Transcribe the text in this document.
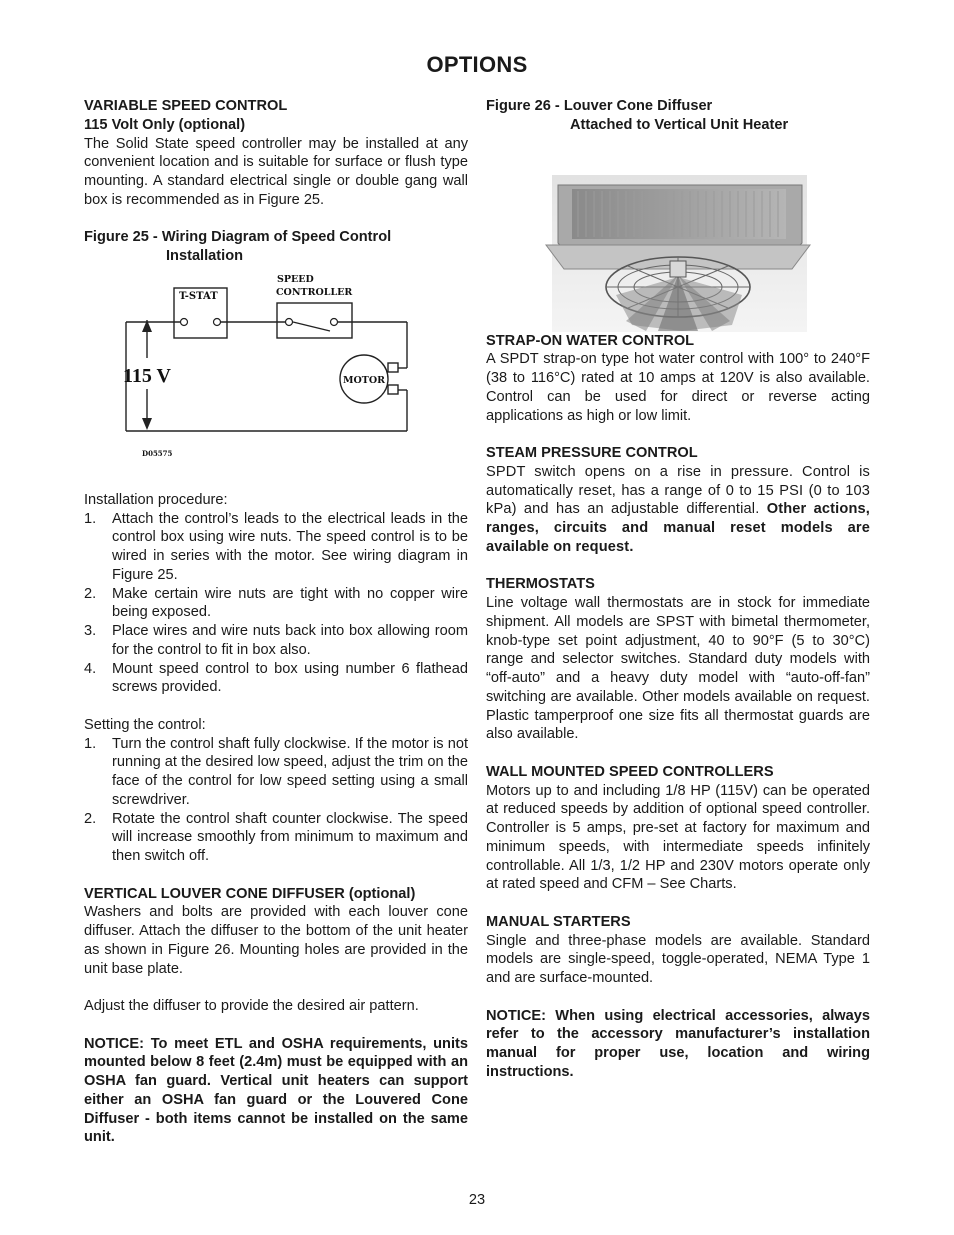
OPTIONS
VARIABLE SPEED CONTROL
115 Volt Only (optional)

The Solid State speed controller may be installed at any convenient location and is suitable for surface or flush type mounting. A standard electrical single or double gang wall box is recommended as in Figure 25.

Figure 25 - Wiring Diagram of Speed Control
Installation
T-STAT
SPEED
CONTROLLER
115 V	MOTOR
D05575
Installation procedure:
1. Attach the control’s leads to the electrical leads in the control box using wire nuts. The speed control is to be wired in series with the motor. See wiring diagram in Figure 25.
2. Make certain wire nuts are tight with no copper wire being exposed.
3. Place wires and wire nuts back into box allowing room for the control to fit in box also.
4. Mount speed control to box using number 6 flathead screws provided.
Setting the control:
1. Turn the control shaft fully clockwise. If the motor is not running at the desired low speed, adjust the trim on the face of the control for low speed setting using a small screwdriver.
2. Rotate the control shaft counter clockwise. The speed will increase smoothly from minimum to maximum and then switch off.
VERTICAL LOUVER CONE DIFFUSER (optional)

Washers and bolts are provided with each louver cone diffuser. Attach the diffuser to the bottom of the unit heater as shown in Figure 26. Mounting holes are provided in the unit base plate.

Adjust the diffuser to provide the desired air pattern.

NOTICE: To meet ETL and OSHA requirements, units mounted below 8 feet (2.4m) must be equipped with an OSHA fan guard. Vertical unit heaters can support either an OSHA fan guard or the Louvered Cone Diffuser - both items cannot be installed on the same unit.

Figure 26 - Louver Cone Diffuser
Attached to Vertical Unit Heater
STRAP-ON WATER CONTROL

A SPDT strap-on type hot water control with 100° to 240°F (38 to 116°C) rated at 10 amps at 120V is also available. Control can be used for direct or reverse acting applications as high or low limit.

STEAM PRESSURE CONTROL

SPDT switch opens on a rise in pressure. Control is automatically reset, has a range of 0 to 15 PSI (0 to 103 kPa) and has an adjustable differential. Other actions, ranges, circuits and manual reset models are available on request.

THERMOSTATS

Line voltage wall thermostats are in stock for immediate shipment. All models are SPST with bimetal thermometer, knob-type set point adjustment, 40 to 90°F (5 to 30°C) range and selector switches. Standard duty models with “off-auto” and a heavy duty model with “auto-off-fan” switching are available. Other models available on request. Plastic tamperproof one size fits all thermostat guards are also available.

WALL MOUNTED SPEED CONTROLLERS

Motors up to and including 1/8 HP (115V) can be operated at reduced speeds by addition of optional speed controller. Controller is 5 amps, pre-set at factory for maximum and minimum speeds, with intermediate speeds infinitely controllable. All 1/3, 1/2 HP and 230V motors operate only at rated speed and CFM – See Charts.

MANUAL STARTERS

Single and three-phase models are available. Standard models are single-speed, toggle-operated, NEMA Type 1 and are surface-mounted.

NOTICE: When using electrical accessories, always refer to the accessory manufacturer’s installation manual for proper use, location and wiring instructions.

23
